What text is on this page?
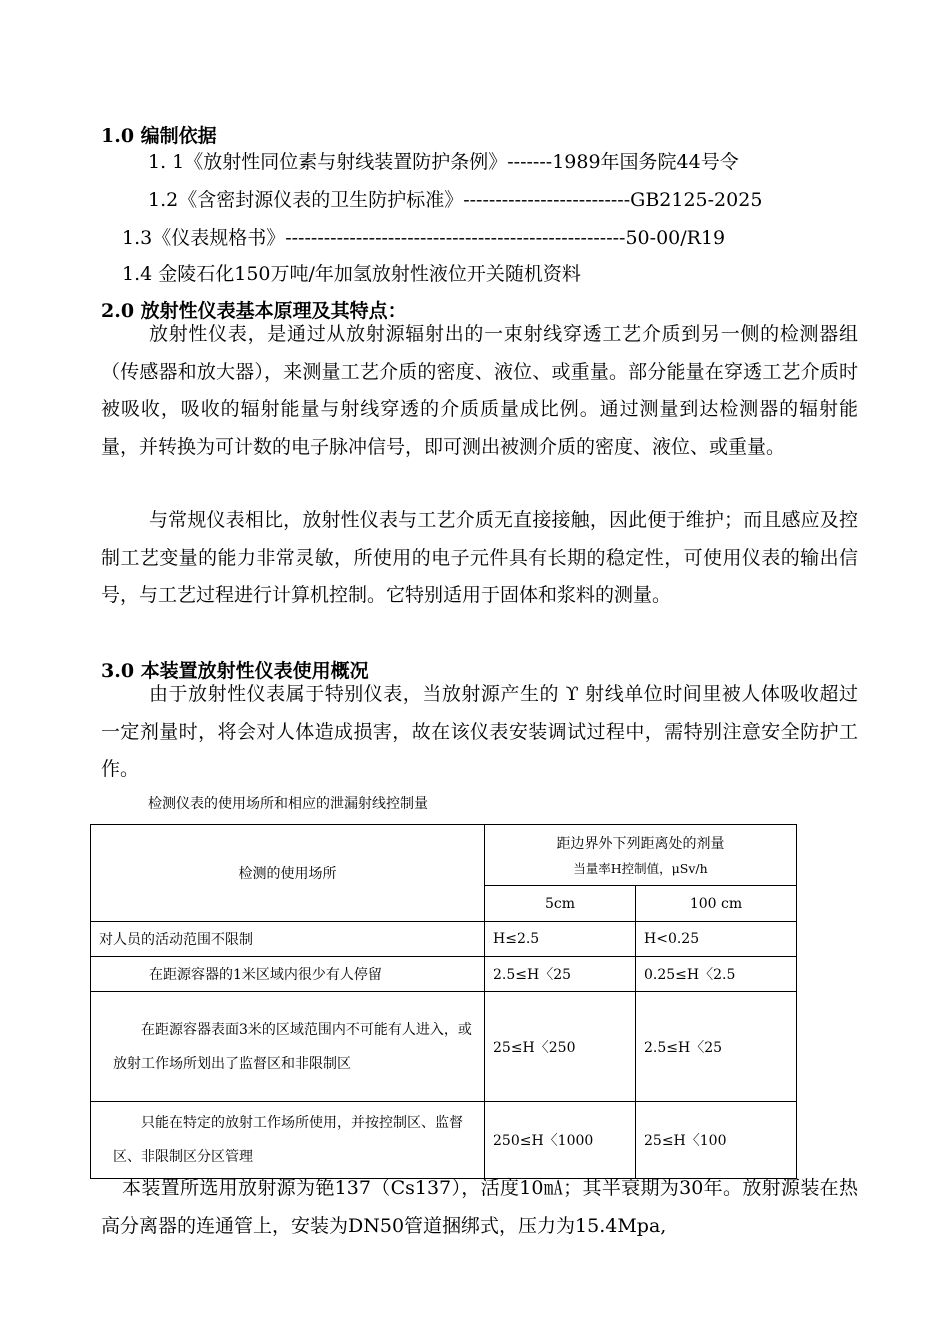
1.0 编制依据
1. 1《放射性同位素与射线装置防护条例》-------1989年国务院44号令
1.2《含密封源仪表的卫生防护标准》--------------------------GB2125-2025
1.3《仪表规格书》-----------------------------------------------------50-00/R19
1.4 金陵石化150万吨/年加氢放射性液位开关随机资料
2.0 放射性仪表基本原理及其特点：

放射性仪表，是通过从放射源辐射出的一束射线穿透工艺介质到另一侧的检测器组（传感器和放大器），来测量工艺介质的密度、液位、或重量。部分能量在穿透工艺介质时被吸收，吸收的辐射能量与射线穿透的介质质量成比例。通过测量到达检测器的辐射能量，并转换为可计数的电子脉冲信号，即可测出被测介质的密度、液位、或重量。

与常规仪表相比，放射性仪表与工艺介质无直接接触，因此便于维护；而且感应及控制工艺变量的能力非常灵敏，所使用的电子元件具有长期的稳定性，可使用仪表的输出信号，与工艺过程进行计算机控制。它特别适用于固体和浆料的测量。

3.0 本装置放射性仪表使用概况

由于放射性仪表属于特别仪表，当放射源产生的 ϒ 射线单位时间里被人体吸收超过一定剂量时，将会对人体造成损害，故在该仪表安装调试过程中，需特别注意安全防护工作。

检测仪表的使用场所和相应的泄漏射线控制量
检测的使用场所	距边界外下列距离处的剂量
当量率H控制值，μSv/h	

	5cm	100 cm
对人员的活动范围不限制	H≤2.5	H<0.25
在距源容器的1米区域内很少有人停留	2.5≤H〈25	0.25≤H〈2.5
在距源容器表面3米的区域范围内不可能有人进入，或放射工作场所划出了监督区和非限制区	25≤H〈250	2.5≤H〈25
只能在特定的放射工作场所使用，并按控制区、监督区、非限制区分区管理	250≤H〈1000	25≤H〈100

本装置所选用放射源为铯137（Cs137），活度10㎃；其半衰期为30年。放射源装在热高分离器的连通管上，安装为DN50管道捆绑式，压力为15.4Mpa,
